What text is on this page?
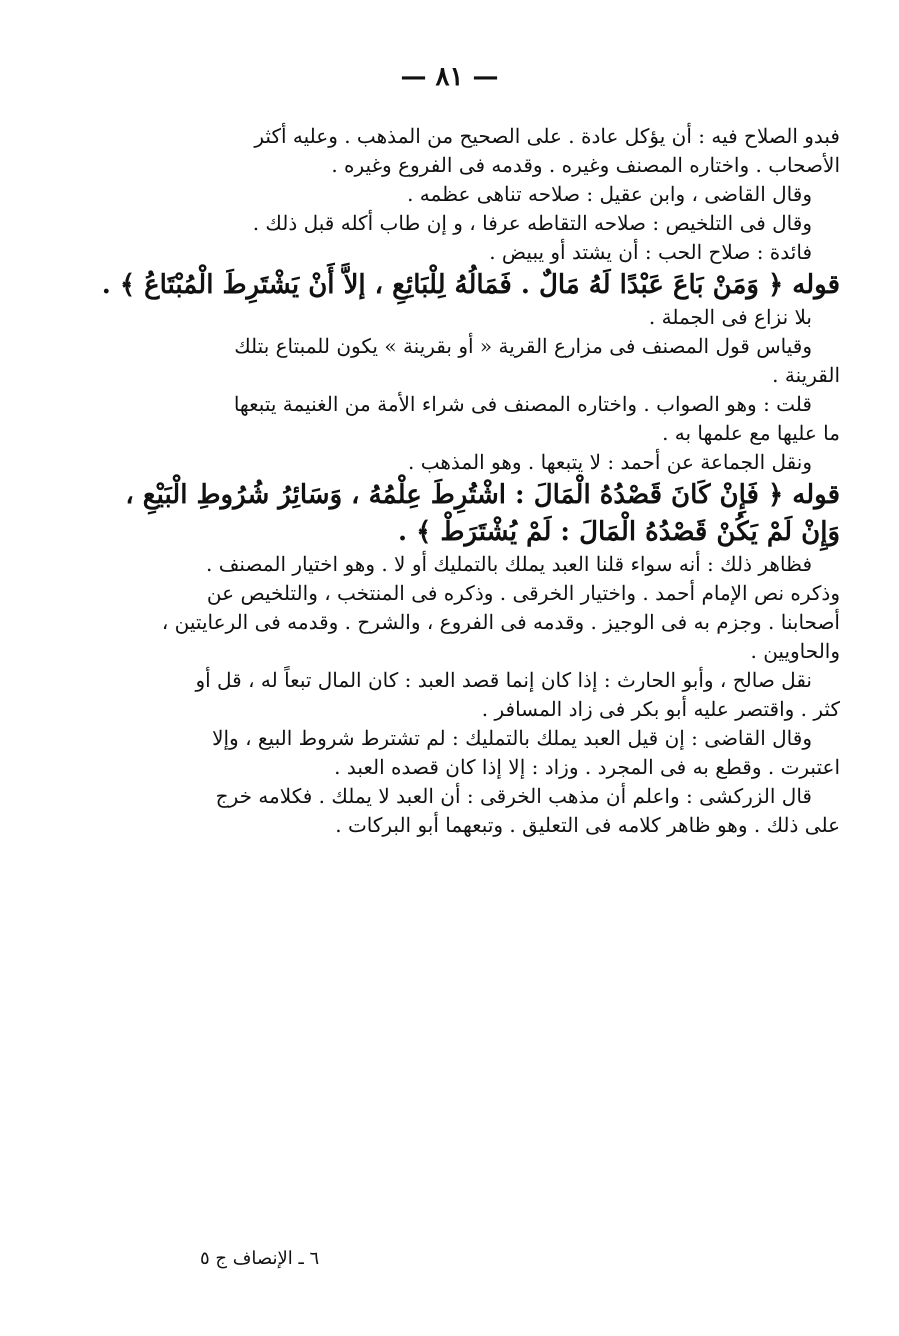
— ٨١ —
فبدو الصلاح فيه : أن يؤكل عادة . على الصحيح من المذهب . وعليه أكثر
الأصحاب . واختاره المصنف وغيره . وقدمه فى الفروع وغيره .
وقال القاضى ، وابن عقيل : صلاحه تناهى عظمه .
وقال فى التلخيص : صلاحه التقاطه عرفا ، و إن طاب أكله قبل ذلك .
فائدة : صلاح الحب : أن يشتد أو يبيض .
قوله ﴿ وَمَنْ بَاعَ عَبْدًا لَهُ مَالٌ . فَمَالُهُ لِلْبَائِعِ ، إلاَّ أَنْ يَشْتَرِطَ الْمُبْتَاعُ ﴾ .
بلا نزاع فى الجملة .
وقياس قول المصنف فى مزارع القرية « أو بقرينة » يكون للمبتاع بتلك
القرينة .
قلت : وهو الصواب . واختاره المصنف فى شراء الأمة من الغنيمة يتبعها
ما عليها مع علمها به .
ونقل الجماعة عن أحمد : لا يتبعها . وهو المذهب .
قوله ﴿ فَإِنْ كَانَ قَصْدُهُ الْمَالَ : اشْتُرِطَ عِلْمُهُ ، وَسَائِرُ شُرُوطِ الْبَيْعِ ،
وَإِنْ لَمْ يَكُنْ قَصْدُهُ الْمَالَ : لَمْ يُشْتَرَطْ ﴾ .
فظاهر ذلك : أنه سواء قلنا العبد يملك بالتمليك أو لا . وهو اختيار المصنف .
وذكره نص الإمام أحمد . واختيار الخرقى . وذكره فى المنتخب ، والتلخيص عن
أصحابنا . وجزم به فى الوجيز . وقدمه فى الفروع ، والشرح . وقدمه فى الرعايتين ،
والحاويين .
نقل صالح ، وأبو الحارث : إذا كان إنما قصد العبد : كان المال تبعاً له ، قل أو
كثر . واقتصر عليه أبو بكر فى زاد المسافر .
وقال القاضى : إن قيل العبد يملك بالتمليك : لم تشترط شروط البيع ، وإلا
اعتبرت . وقطع به فى المجرد . وزاد : إلا إذا كان قصده العبد .
قال الزركشى : واعلم أن مذهب الخرقى : أن العبد لا يملك . فكلامه خرج
على ذلك . وهو ظاهر كلامه فى التعليق . وتبعهما أبو البركات .
٦ ـ الإنصاف ج ٥
